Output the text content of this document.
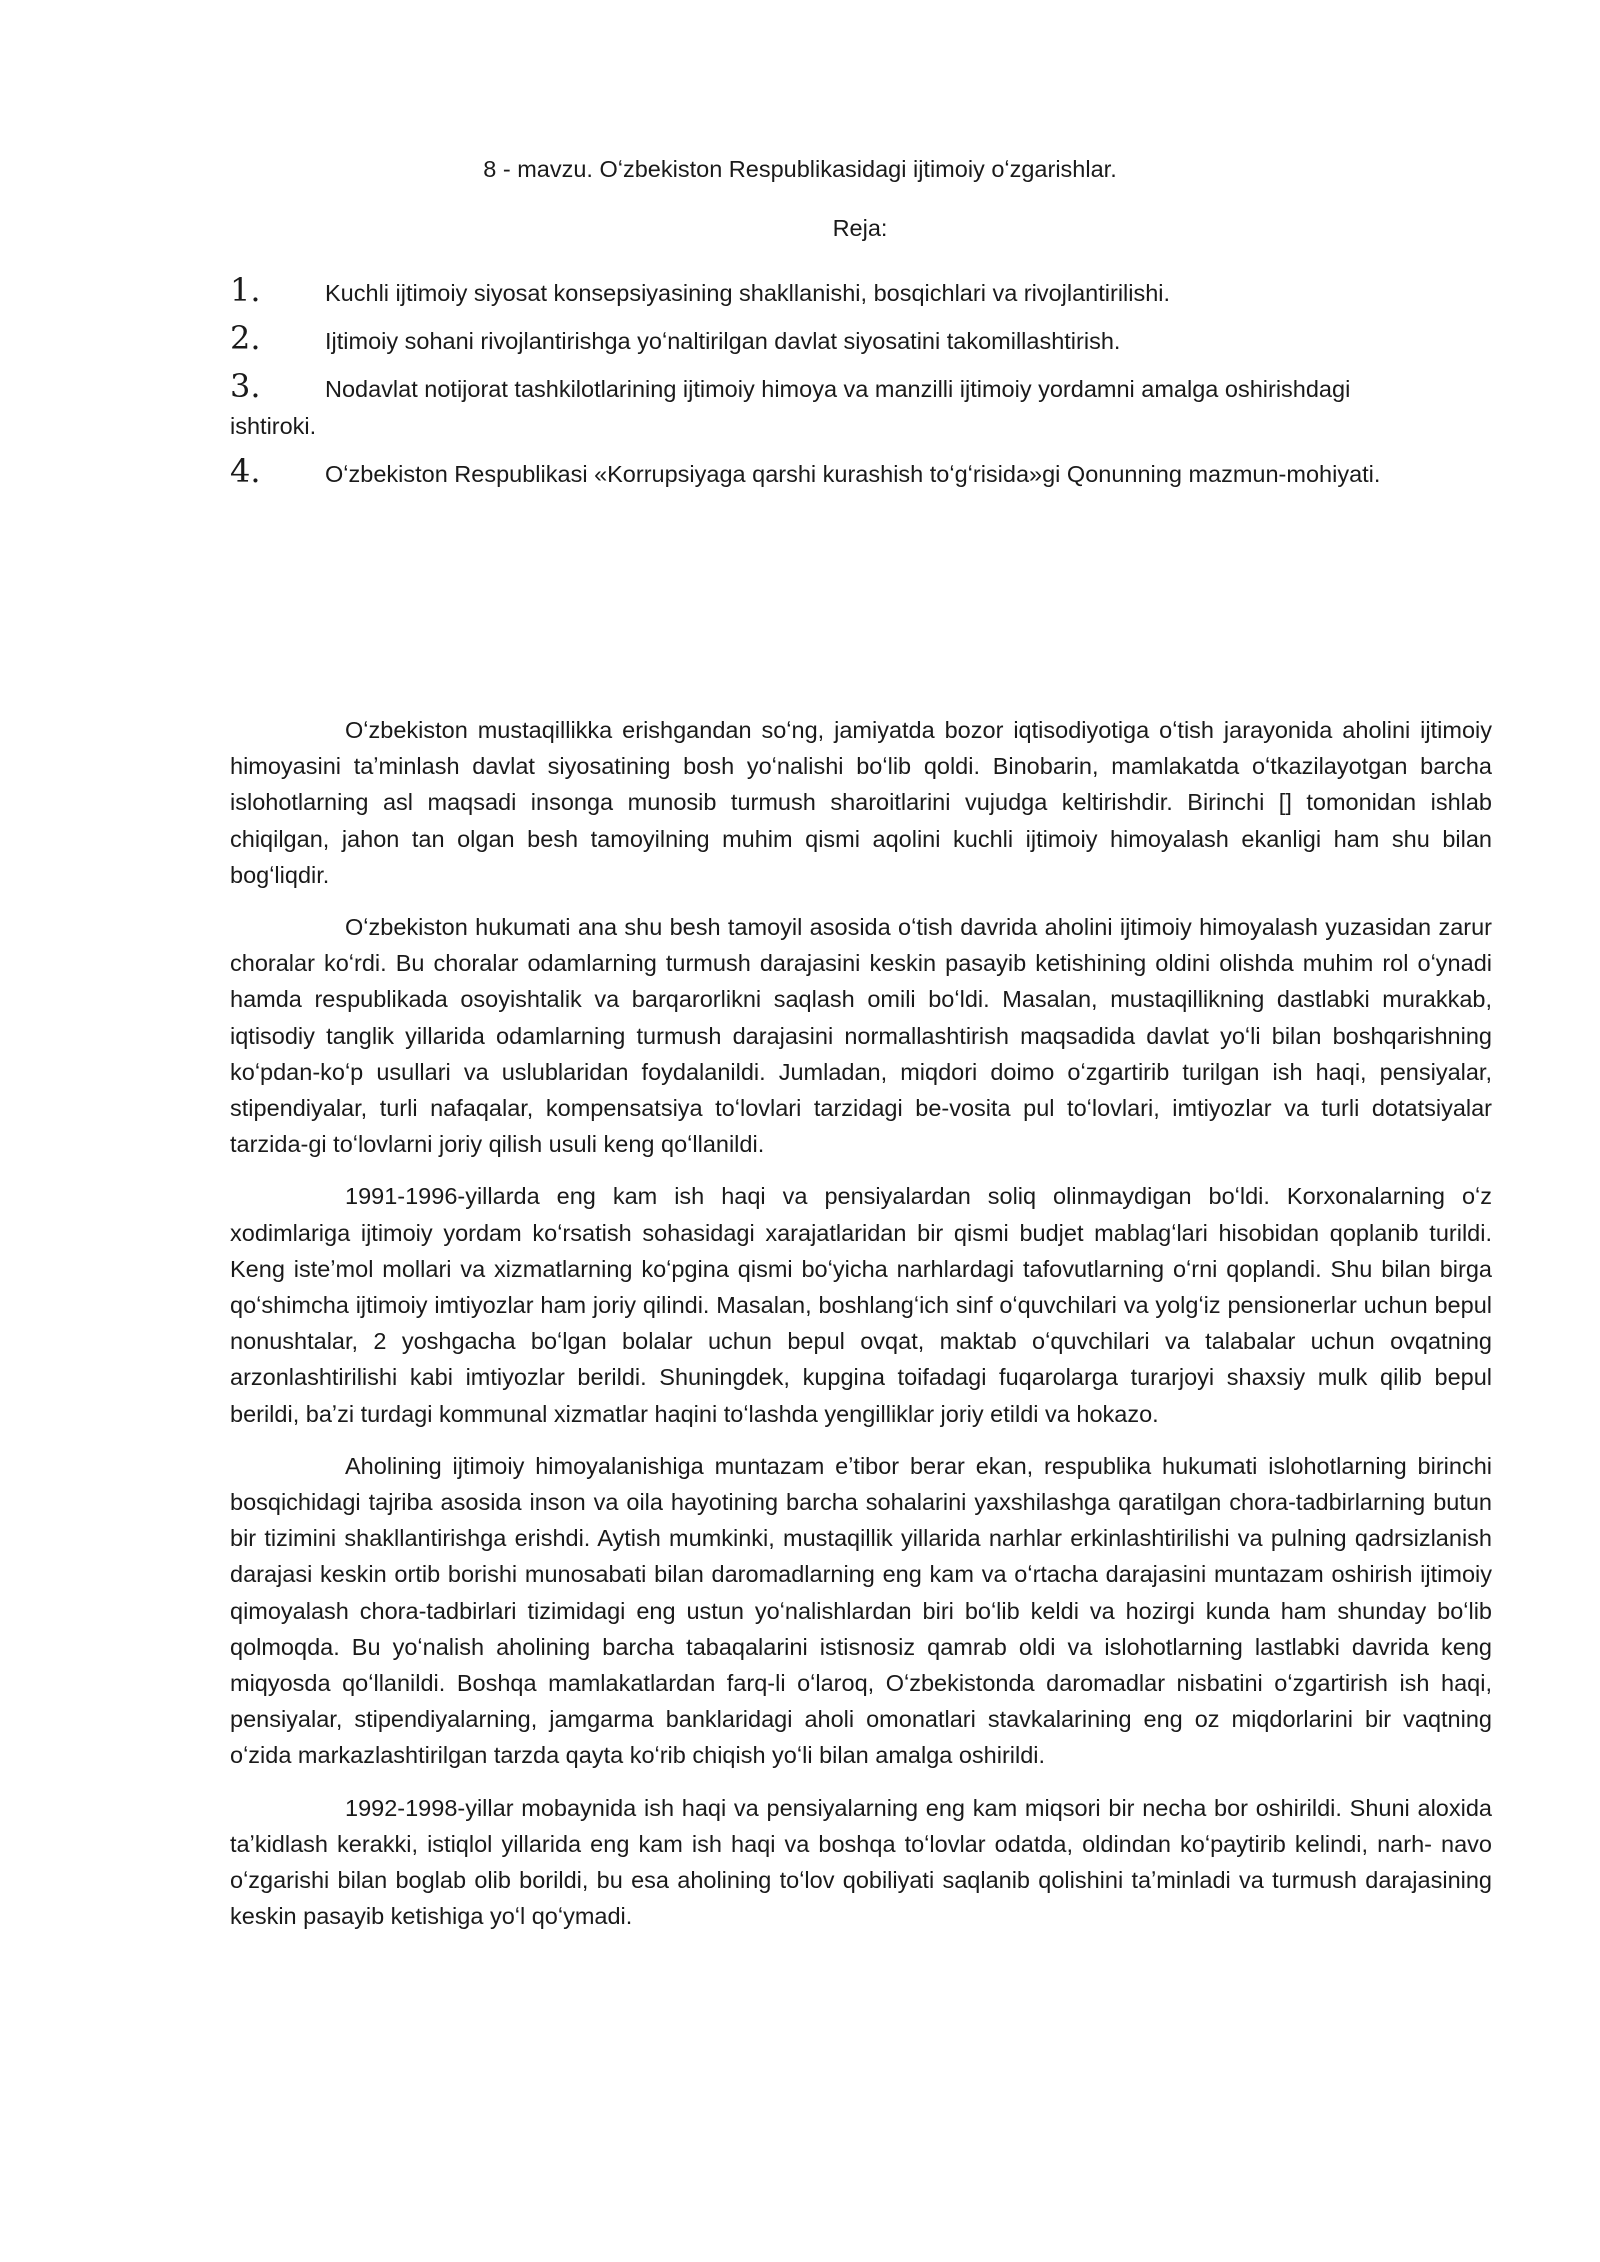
8 - mavzu. Oʻzbekiston Respublikasidagi ijtimoiy oʻzgarishlar.
Reja:
1.	Kuchli ijtimoiy siyosat konsepsiyasining shakllanishi, bosqichlari va rivojlantirilishi.
2.	Ijtimoiy sohani rivojlantirishga yoʻnaltirilgan davlat siyosatini takomillashtirish.
3.	Nodavlat notijorat tashkilotlarining ijtimoiy himoya va manzilli ijtimoiy yordamni amalga oshirishdagi ishtiroki.
4.	Oʻzbekiston Respublikasi «Korrupsiyaga qarshi kurashish toʻgʻrisida»gi Qonunning mazmun-mohiyati.

Oʻzbekiston mustaqillikka erishgandan soʻng, jamiyatda bozor iqtisodiyotiga oʻtish jarayonida aholini ijtimoiy himoyasini taʼminlash davlat siyosatining bosh yoʻnalishi boʻlib qoldi. Binobarin, mamlakatda oʻtkazilayotgan barcha islohotlarning asl maqsadi insonga munosib turmush sharoitlarini vujudga keltirishdir. Birinchi [] tomonidan ishlab chiqilgan, jahon tan olgan besh tamoyilning muhim qismi aqolini kuchli ijtimoiy himoyalash ekanligi ham shu bilan bogʻliqdir.

Oʻzbekiston hukumati ana shu besh tamoyil asosida oʻtish davrida aholini ijtimoiy himoyalash yuzasidan zarur choralar koʻrdi. Bu choralar odamlarning turmush darajasini keskin pasayib ketishining oldini olishda muhim rol oʻynadi hamda respublikada osoyishtalik va barqarorlikni saqlash omili boʻldi. Masalan, mustaqillikning dastlabki murakkab, iqtisodiy tanglik yillarida odamlarning turmush darajasini normallashtirish maqsadida davlat yoʻli bilan boshqarishning koʻpdan-koʻp usullari va uslublaridan foydalanildi. Jumladan, miqdori doimo oʻzgartirib turilgan ish haqi, pensiyalar, stipendiyalar, turli nafaqalar, kompensatsiya toʻlovlari tarzidagi be-vosita pul toʻlovlari, imtiyozlar va turli dotatsiyalar tarzida-gi toʻlovlarni joriy qilish usuli keng qoʻllanildi.

1991-1996-yillarda eng kam ish haqi va pensiyalardan soliq olinmaydigan boʻldi. Korxonalarning oʻz xodimlariga ijtimoiy yordam koʻrsatish sohasidagi xarajatlaridan bir qismi budjet mablagʻlari hisobidan qoplanib turildi. Keng isteʼmol mollari va xizmatlarning koʻpgina qismi boʻyicha narhlardagi tafovutlarning oʻrni qoplandi. Shu bilan birga qoʻshimcha ijtimoiy imtiyozlar ham joriy qilindi. Masalan, boshlangʻich sinf oʻquvchilari va yolgʻiz pensionerlar uchun bepul nonushtalar, 2 yoshgacha boʻlgan bolalar uchun bepul ovqat, maktab oʻquvchilari va talabalar uchun ovqatning arzonlashtirilishi kabi imtiyozlar berildi. Shuningdek, kupgina toifadagi fuqarolarga turarjoyi shaxsiy mulk qilib bepul berildi, baʼzi turdagi kommunal xizmatlar haqini toʻlashda yengilliklar joriy etildi va hokazo.

Aholining ijtimoiy himoyalanishiga muntazam eʼtibor berar ekan, respublika hukumati islohotlarning birinchi bosqichidagi tajriba asosida inson va oila hayotining barcha sohalarini yaxshilashga qaratilgan chora-tadbirlarning butun bir tizimini shakllantirishga erishdi. Aytish mumkinki, mustaqillik yillarida narhlar erkinlashtirilishi va pulning qadrsizlanish darajasi keskin ortib borishi munosabati bilan daromadlarning eng kam va oʻrtacha darajasini muntazam oshirish ijtimoiy qimoyalash chora-tadbirlari tizimidagi eng ustun yoʻnalishlardan biri boʻlib keldi va hozirgi kunda ham shunday boʻlib qolmoqda. Bu yoʻnalish aholining barcha tabaqalarini istisnosiz qamrab oldi va islohotlarning lastlabki davrida keng miqyosda qoʻllanildi. Boshqa mamlakatlardan farq-li oʻlaroq, Oʻzbekistonda daromadlar nisbatini oʻzgartirish ish haqi, pensiyalar, stipendiyalarning, jamgarma banklaridagi aholi omonatlari stavkalarining eng oz miqdorlarini bir vaqtning oʻzida markazlashtirilgan tarzda qayta koʻrib chiqish yoʻli bilan amalga oshirildi.

1992-1998-yillar mobaynida ish haqi va pensiyalarning eng kam miqsori bir necha bor oshirildi. Shuni aloxida taʼkidlash kerakki, istiqlol yillarida eng kam ish haqi va boshqa toʻlovlar odatda, oldindan koʻpaytirib kelindi, narh- navo oʻzgarishi bilan boglab olib borildi, bu esa aholining toʻlov qobiliyati saqlanib qolishini taʼminladi va turmush darajasining keskin pasayib ketishiga yoʻl qoʻymadi.
